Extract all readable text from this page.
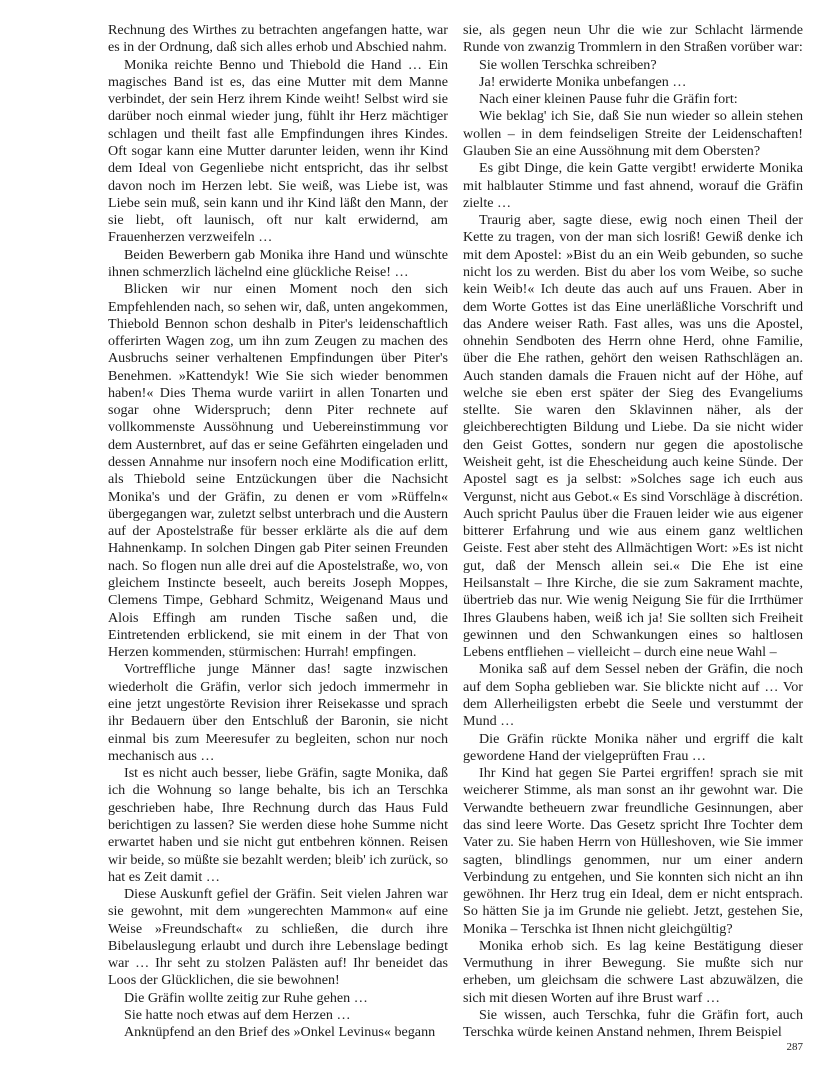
Rechnung des Wirthes zu betrachten angefangen hatte, war es in der Ordnung, daß sich alles erhob und Abschied nahm.

Monika reichte Benno und Thiebold die Hand … Ein magisches Band ist es, das eine Mutter mit dem Manne verbindet, der sein Herz ihrem Kinde weiht! Selbst wird sie darüber noch einmal wieder jung, fühlt ihr Herz mächtiger schlagen und theilt fast alle Empfindungen ihres Kindes. Oft sogar kann eine Mutter darunter leiden, wenn ihr Kind dem Ideal von Gegenliebe nicht entspricht, das ihr selbst davon noch im Herzen lebt. Sie weiß, was Liebe ist, was Liebe sein muß, sein kann und ihr Kind läßt den Mann, der sie liebt, oft launisch, oft nur kalt erwidernd, am Frauenherzen verzweifeln …

Beiden Bewerbern gab Monika ihre Hand und wünschte ihnen schmerzlich lächelnd eine glückliche Reise! …

Blicken wir nur einen Moment noch den sich Empfehlenden nach, so sehen wir, daß, unten angekommen, Thiebold Bennon schon deshalb in Piter's leidenschaftlich offerirten Wagen zog, um ihn zum Zeugen zu machen des Ausbruchs seiner verhaltenen Empfindungen über Piter's Benehmen. »Kattendyk! Wie Sie sich wieder benommen haben!« Dies Thema wurde variirt in allen Tonarten und sogar ohne Widerspruch; denn Piter rechnete auf vollkommenste Aussöhnung und Uebereinstimmung vor dem Austernbret, auf das er seine Gefährten eingeladen und dessen Annahme nur insofern noch eine Modification erlitt, als Thiebold seine Entzückungen über die Nachsicht Monika's und der Gräfin, zu denen er vom »Rüffeln« übergegangen war, zuletzt selbst unterbrach und die Austern auf der Apostelstraße für besser erklärte als die auf dem Hahnenkamp. In solchen Dingen gab Piter seinen Freunden nach. So flogen nun alle drei auf die Apostelstraße, wo, von gleichem Instincte beseelt, auch bereits Joseph Moppes, Clemens Timpe, Gebhard Schmitz, Weigenand Maus und Alois Effingh am runden Tische saßen und, die Eintretenden erblickend, sie mit einem in der That von Herzen kommenden, stürmischen: Hurrah! empfingen.

Vortreffliche junge Männer das! sagte inzwischen wiederholt die Gräfin, verlor sich jedoch immermehr in eine jetzt ungestörte Revision ihrer Reisekasse und sprach ihr Bedauern über den Entschluß der Baronin, sie nicht einmal bis zum Meeresufer zu begleiten, schon nur noch mechanisch aus …

Ist es nicht auch besser, liebe Gräfin, sagte Monika, daß ich die Wohnung so lange behalte, bis ich an Terschka geschrieben habe, Ihre Rechnung durch das Haus Fuld berichtigen zu lassen? Sie werden diese hohe Summe nicht erwartet haben und sie nicht gut entbehren können. Reisen wir beide, so müßte sie bezahlt werden; bleib' ich zurück, so hat es Zeit damit …

Diese Auskunft gefiel der Gräfin. Seit vielen Jahren war sie gewohnt, mit dem »ungerechten Mammon« auf eine Weise »Freundschaft« zu schließen, die durch ihre Bibelauslegung erlaubt und durch ihre Lebenslage bedingt war … Ihr seht zu stolzen Palästen auf! Ihr beneidet das Loos der Glücklichen, die sie bewohnen!

Die Gräfin wollte zeitig zur Ruhe gehen …

Sie hatte noch etwas auf dem Herzen …

Anknüpfend an den Brief des »Onkel Levinus« begann

sie, als gegen neun Uhr die wie zur Schlacht lärmende Runde von zwanzig Trommlern in den Straßen vorüber war:

Sie wollen Terschka schreiben?

Ja! erwiderte Monika unbefangen …

Nach einer kleinen Pause fuhr die Gräfin fort:

Wie beklag' ich Sie, daß Sie nun wieder so allein stehen wollen – in dem feindseligen Streite der Leidenschaften! Glauben Sie an eine Aussöhnung mit dem Obersten?

Es gibt Dinge, die kein Gatte vergibt! erwiderte Monika mit halblauter Stimme und fast ahnend, worauf die Gräfin zielte …

Traurig aber, sagte diese, ewig noch einen Theil der Kette zu tragen, von der man sich losriß! Gewiß denke ich mit dem Apostel: »Bist du an ein Weib gebunden, so suche nicht los zu werden. Bist du aber los vom Weibe, so suche kein Weib!« Ich deute das auch auf uns Frauen. Aber in dem Worte Gottes ist das Eine unerläßliche Vorschrift und das Andere weiser Rath. Fast alles, was uns die Apostel, ohnehin Sendboten des Herrn ohne Herd, ohne Familie, über die Ehe rathen, gehört den weisen Rathschlägen an. Auch standen damals die Frauen nicht auf der Höhe, auf welche sie eben erst später der Sieg des Evangeliums stellte. Sie waren den Sklavinnen näher, als der gleichberechtigten Bildung und Liebe. Da sie nicht wider den Geist Gottes, sondern nur gegen die apostolische Weisheit geht, ist die Ehescheidung auch keine Sünde. Der Apostel sagt es ja selbst: »Solches sage ich euch aus Vergunst, nicht aus Gebot.« Es sind Vorschläge à discrétion. Auch spricht Paulus über die Frauen leider wie aus eigener bitterer Erfahrung und wie aus einem ganz weltlichen Geiste. Fest aber steht des Allmächtigen Wort: »Es ist nicht gut, daß der Mensch allein sei.« Die Ehe ist eine Heilsanstalt – Ihre Kirche, die sie zum Sakrament machte, übertrieb das nur. Wie wenig Neigung Sie für die Irrthümer Ihres Glaubens haben, weiß ich ja! Sie sollten sich Freiheit gewinnen und den Schwankungen eines so haltlosen Lebens entfliehen – vielleicht – durch eine neue Wahl –

Monika saß auf dem Sessel neben der Gräfin, die noch auf dem Sopha geblieben war. Sie blickte nicht auf … Vor dem Allerheiligsten erbebt die Seele und verstummt der Mund …

Die Gräfin rückte Monika näher und ergriff die kalt gewordene Hand der vielgeprüften Frau …

Ihr Kind hat gegen Sie Partei ergriffen! sprach sie mit weicherer Stimme, als man sonst an ihr gewohnt war. Die Verwandte betheuern zwar freundliche Gesinnungen, aber das sind leere Worte. Das Gesetz spricht Ihre Tochter dem Vater zu. Sie haben Herrn von Hülleshoven, wie Sie immer sagten, blindlings genommen, nur um einer andern Verbindung zu entgehen, und Sie konnten sich nicht an ihn gewöhnen. Ihr Herz trug ein Ideal, dem er nicht entsprach. So hätten Sie ja im Grunde nie geliebt. Jetzt, gestehen Sie, Monika – Terschka ist Ihnen nicht gleichgültig?

Monika erhob sich. Es lag keine Bestätigung dieser Vermuthung in ihrer Bewegung. Sie mußte sich nur erheben, um gleichsam die schwere Last abzuwälzen, die sich mit diesen Worten auf ihre Brust warf …

Sie wissen, auch Terschka, fuhr die Gräfin fort, auch Terschka würde keinen Anstand nehmen, Ihrem Beispiel

287
